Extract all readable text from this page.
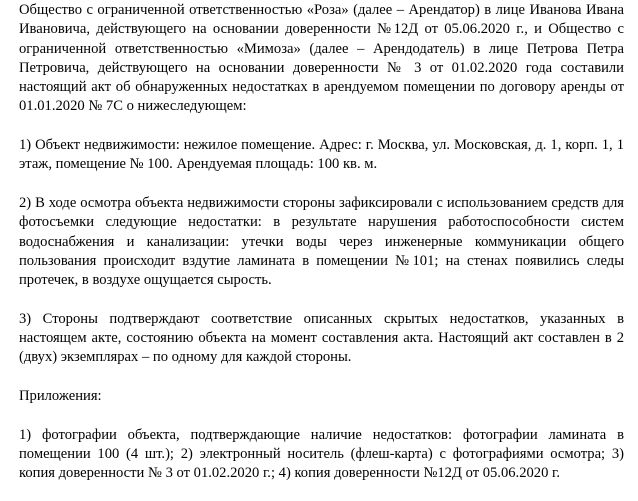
Общество с ограниченной ответственностью «Роза» (далее – Арендатор) в лице Иванова Ивана Ивановича, действующего на основании доверенности №12Д от 05.06.2020 г., и Общество с ограниченной ответственностью «Мимоза» (далее – Арендодатель) в лице Петрова Петра Петровича, действующего на основании доверенности № 3 от 01.02.2020 года составили настоящий акт об обнаруженных недостатках в арендуемом помещении по договору аренды от 01.01.2020 № 7С о нижеследующем:

1) Объект недвижимости: нежилое помещение. Адрес: г. Москва, ул. Московская, д. 1, корп. 1, 1 этаж, помещение № 100. Арендуемая площадь: 100 кв. м.

2) В ходе осмотра объекта недвижимости стороны зафиксировали с использованием средств для фотосъемки следующие недостатки: в результате нарушения работоспособности систем водоснабжения и канализации: утечки воды через инженерные коммуникации общего пользования происходит вздутие ламината в помещении №101; на стенах появились следы протечек, в воздухе ощущается сырость.

3) Стороны подтверждают соответствие описанных скрытых недостатков, указанных в настоящем акте, состоянию объекта на момент составления акта. Настоящий акт составлен в 2 (двух) экземплярах – по одному для каждой стороны.

Приложения:

1) фотографии объекта, подтверждающие наличие недостатков: фотографии ламината в помещении 100 (4 шт.); 2) электронный носитель (флеш-карта) с фотографиями осмотра; 3) копия доверенности № 3 от 01.02.2020 г.; 4) копия доверенности №12Д от 05.06.2020 г.
